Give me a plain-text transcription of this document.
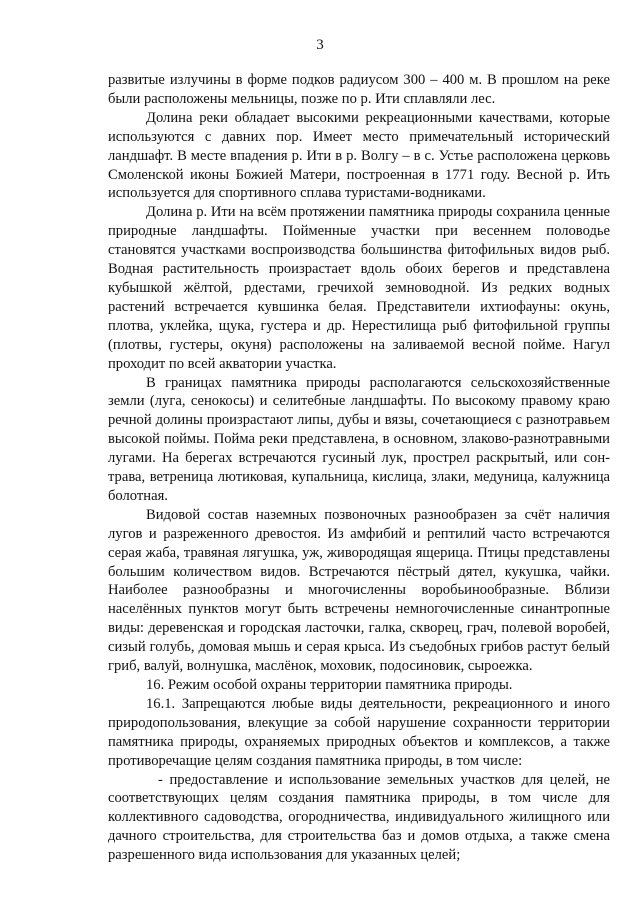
3

развитые излучины в форме подков радиусом 300 – 400 м. В прошлом на реке были расположены мельницы, позже по р. Ити сплавляли лес.

Долина реки обладает высокими рекреационными качествами, которые используются с давних пор. Имеет место примечательный исторический ландшафт. В месте впадения р. Ити в р. Волгу – в с. Устье расположена церковь Смоленской иконы Божией Матери, построенная в 1771 году. Весной р. Ить используется для спортивного сплава туристами-водниками.

Долина р. Ити на всём протяжении памятника природы сохранила ценные природные ландшафты. Пойменные участки при весеннем половодье становятся участками воспроизводства большинства фитофильных видов рыб. Водная растительность произрастает вдоль обоих берегов и представлена кубышкой жёлтой, рдестами, гречихой земноводной. Из редких водных растений встречается кувшинка белая. Представители ихтиофауны: окунь, плотва, уклейка, щука, густера и др. Нерестилища рыб фитофильной группы (плотвы, густеры, окуня) расположены на заливаемой весной пойме. Нагул проходит по всей акватории участка.

В границах памятника природы располагаются сельскохозяйственные земли (луга, сенокосы) и селитебные ландшафты. По высокому правому краю речной долины произрастают липы, дубы и вязы, сочетающиеся с разнотравьем высокой поймы. Пойма реки представлена, в основном, злаково-разнотравными лугами. На берегах встречаются гусиный лук, прострел раскрытый, или сон-трава, ветреница лютиковая, купальница, кислица, злаки, медуница, калужница болотная.

Видовой состав наземных позвоночных разнообразен за счёт наличия лугов и разреженного древостоя. Из амфибий и рептилий часто встречаются серая жаба, травяная лягушка, уж, живородящая ящерица. Птицы представлены большим количеством видов. Встречаются пёстрый дятел, кукушка, чайки. Наиболее разнообразны и многочисленны воробьинообразные. Вблизи населённых пунктов могут быть встречены немногочисленные синантропные виды: деревенская и городская ласточки, галка, скворец, грач, полевой воробей, сизый голубь, домовая мышь и серая крыса. Из съедобных грибов растут белый гриб, валуй, волнушка, маслёнок, моховик, подосиновик, сыроежка.

16. Режим особой охраны территории памятника природы.

16.1. Запрещаются любые виды деятельности, рекреационного и иного природопользования, влекущие за собой нарушение сохранности территории памятника природы, охраняемых природных объектов и комплексов, а также противоречащие целям создания памятника природы, в том числе:

- предоставление и использование земельных участков для целей, не соответствующих целям создания памятника природы, в том числе для коллективного садоводства, огородничества, индивидуального жилищного или дачного строительства, для строительства баз и домов отдыха, а также смена разрешенного вида использования для указанных целей;
